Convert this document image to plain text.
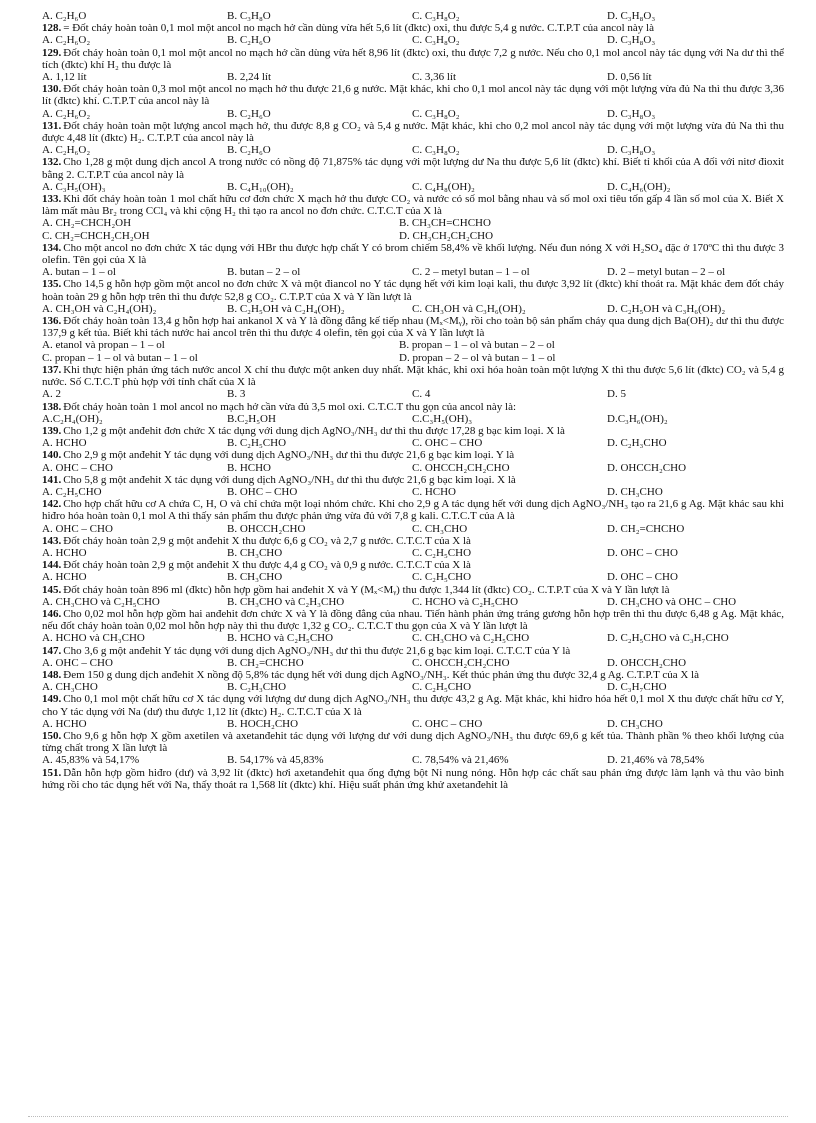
A. C₂H₆O	B. C₃H₈O	C. C₃H₈O₂	D. C₃H₈O₃

128. = Đốt cháy hoàn toàn 0,1 mol một ancol no mạch hở cần dùng vừa hết 5,6 lít (đktc) oxi, thu được 5,4 g nước. C.T.P.T của ancol này là

A. C₂H₆O₂	B. C₂H₆O	C. C₃H₈O₂	D. C₃H₈O₃

129. Đốt cháy hoàn toàn 0,1 mol một ancol no mạch hở cần dùng vừa hết 8,96 lít (đktc) oxi, thu được 7,2 g nước. Nếu cho 0,1 mol ancol này tác dụng với Na dư thì thể tích (đktc) khí H₂ thu được là

A. 1,12 lít	B. 2,24 lít	C. 3,36 lít	D. 0,56 lít

130. Đốt cháy hoàn toàn 0,3 mol một ancol no mạch hở thu được 21,6 g nước. Mặt khác, khi cho 0,1 mol ancol này tác dụng với một lượng vừa đủ Na thì thu được 3,36 lít (đktc) khí. C.T.P.T của ancol này là

A. C₂H₆O₂	B. C₂H₆O	C. C₃H₈O₂	D. C₃H₈O₃

131. Đốt cháy hoàn toàn một lượng ancol mạch hở, thu được 8,8 g CO₂ và 5,4 g nước. Mặt khác, khi cho 0,2 mol ancol này tác dụng với một lượng vừa đủ Na thì thu được 4,48 lít (đktc) H₂. C.T.P.T của ancol này là

A. C₂H₆O₂	B. C₂H₆O	C. C₃H₈O₂	D. C₃H₈O₃

132. Cho 1,28 g một dung dịch ancol A trong nước có nồng độ 71,875% tác dụng với một lượng dư Na thu được 5,6 lít (đktc) khí. Biết tỉ khối của A đối với nitơ đioxit bằng 2. C.T.P.T của ancol này là

A. C₃H₅(OH)₃	B. C₄H₁₀(OH)₂	C. C₄H₈(OH)₂	D. C₄H₆(OH)₂

133. Khi đốt cháy hoàn toàn 1 mol chất hữu cơ đơn chức X mạch hở thu được CO₂ và nước có số mol bằng nhau và số mol oxi tiêu tốn gấp 4 lần số mol của X. Biết X làm mất màu Br₂ trong CCl₄ và khi cộng H₂ thì tạo ra ancol no đơn chức. C.T.C.T của X là

A. CH₂=CHCH₂OH	B. CH₃CH=CHCHO
C. CH₂=CHCH₂CH₂OH	D. CH₃CH₂CH₂CHO

134. Cho một ancol no đơn chức X tác dụng với HBr thu được hợp chất Y có brom chiếm 58,4% về khối lượng. Nếu đun nóng X với H₂SO₄ đặc ở 170ºC thì thu được 3 olefin. Tên gọi của X là

A. butan – 1 – ol	B. butan – 2 – ol	C. 2 – metyl butan – 1 – ol	D. 2 – metyl butan – 2 – ol

135. Cho 14,5 g hỗn hợp gồm một ancol no đơn chức X và một điancol no Y tác dụng hết với kim loại kali, thu được 3,92 lít (đktc) khí thoát ra. Mặt khác đem đốt cháy hoàn toàn 29 g hỗn hợp trên thì thu được 52,8 g CO₂. C.T.P.T của X và Y lần lượt là

A. CH₃OH và C₂H₄(OH)₂	B. C₂H₅OH và C₂H₄(OH)₂	C. CH₃OH và C₃H₆(OH)₂	D. C₂H₅OH và C₃H₆(OH)₂

136. Đốt cháy hoàn toàn 13,4 g hỗn hợp hai ankanol X và Y là đồng đẳng kế tiếp nhau (Mₓ<Mᵧ), rồi cho toàn bộ sản phẩm cháy qua dung dịch Ba(OH)₂ dư thì thu được 137,9 g kết tủa. Biết khi tách nước hai ancol trên thì thu được 4 olefin, tên gọi của X và Y lần lượt là

A. etanol và propan – 1 – ol	B. propan – 1 – ol và butan – 2 – ol
C. propan – 1 – ol và butan – 1 – ol	D. propan – 2 – ol và butan – 1 – ol

137. Khi thực hiện phản ứng tách nước ancol X chỉ thu được một anken duy nhất. Mặt khác, khi oxi hóa hoàn toàn một lượng X thì thu được 5,6 lít (đktc) CO₂ và 5,4 g nước. Số C.T.C.T phù hợp với tính chất của X là

A. 2	B. 3	C. 4	D. 5

138. Đốt cháy hoàn toàn 1 mol ancol no mạch hở cần vừa đủ 3,5 mol oxi. C.T.C.T thu gọn của ancol này là:

A.C₂H₄(OH)₂	B.C₂H₅OH	C.C₃H₅(OH)₃	D.C₃H₆(OH)₂

139. Cho 1,2 g một anđehit đơn chức X tác dụng với dung dịch AgNO₃/NH₃ dư thì thu được 17,28 g bạc kim loại. X là

A. HCHO	B. C₂H₅CHO	C. OHC – CHO	D. C₂H₃CHO

140. Cho 2,9 g một anđehit Y tác dụng với dung dịch AgNO₃/NH₃ dư thì thu được 21,6 g bạc kim loại. Y là

A. OHC – CHO	B. HCHO	C. OHCCH₂CH₂CHO	D. OHCCH₂CHO

141. Cho 5,8 g một anđehit X tác dụng với dung dịch AgNO₃/NH₃ dư thì thu được 21,6 g bạc kim loại. X là

A. C₂H₅CHO	B. OHC – CHO	C. HCHO	D. CH₃CHO

142. Cho hợp chất hữu cơ A chứa C, H, O và chỉ chứa một loại nhóm chức. Khi cho 2,9 g A tác dụng hết với dung dịch AgNO₃/NH₃ tạo ra 21,6 g Ag. Mặt khác sau khi hiđro hóa hoàn toàn 0,1 mol A thì thấy sản phẩm thu được phản ứng vừa đủ với 7,8 g kali. C.T.C.T của A là

A. OHC – CHO	B. OHCCH₂CHO	C. CH₃CHO	D. CH₂=CHCHO

143. Đốt cháy hoàn toàn 2,9 g một anđehit X thu được 6,6 g CO₂ và 2,7 g nước. C.T.C.T của X là

A. HCHO	B. CH₃CHO	C. C₂H₅CHO	D. OHC – CHO

144. Đốt cháy hoàn toàn 2,9 g một anđehit X thu được 4,4 g CO₂ và 0,9 g nước. C.T.C.T của X là

A. HCHO	B. CH₃CHO	C. C₂H₅CHO	D. OHC – CHO

145. Đốt cháy hoàn toàn 896 ml (đktc) hỗn hợp gồm hai anđehit X và Y (Mₓ<Mᵧ) thu được 1,344 lít (đktc) CO₂. C.T.P.T của X và Y lần lượt là

A. CH₃CHO và C₂H₅CHO	B. CH₃CHO và C₂H₃CHO	C. HCHO và C₂H₅CHO	D. CH₃CHO và OHC – CHO

146. Cho 0,02 mol hỗn hợp gồm hai anđehit đơn chức X và Y là đồng đẳng của nhau. Tiến hành phản ứng tráng gương hỗn hợp trên thì thu được 6,48 g Ag. Mặt khác, nếu đốt cháy hoàn toàn 0,02 mol hỗn hợp này thì thu được 1,32 g CO₂. C.T.C.T thu gọn của X và Y lần lượt là

A. HCHO và CH₃CHO	B. HCHO và C₂H₅CHO	C. CH₃CHO và C₂H₅CHO	D. C₂H₅CHO và C₃H₇CHO

147. Cho 3,6 g một anđehit Y tác dụng với dung dịch AgNO₃/NH₃ dư thì thu được 21,6 g bạc kim loại. C.T.C.T của Y là

A. OHC – CHO	B. CH₂=CHCHO	C. OHCCH₂CH₂CHO	D. OHCCH₂CHO

148. Đem 150 g dung dịch anđehit X nồng độ 5,8% tác dụng hết với dung dịch AgNO₃/NH₃. Kết thúc phản ứng thu được 32,4 g Ag. C.T.P.T của X là

A. CH₃CHO	B. C₂H₃CHO	C. C₂H₅CHO	D. C₃H₇CHO

149. Cho 0,1 mol một chất hữu cơ X tác dụng với lượng dư dung dịch AgNO₃/NH₃ thu được 43,2 g Ag. Mặt khác, khi hiđro hóa hết 0,1 mol X thu được chất hữu cơ Y, cho Y tác dụng với Na (dư) thu được 1,12 lít (đktc) H₂. C.T.C.T của X là

A. HCHO	B. HOCH₂CHO	C. OHC – CHO	D. CH₃CHO

150. Cho 9,6 g hỗn hợp X gồm axetilen và axetanđehit tác dụng với lượng dư với dung dịch AgNO₃/NH₃ thu được 69,6 g kết tủa. Thành phần % theo khối lượng của từng chất trong X lần lượt là

A. 45,83% và 54,17%	B. 54,17% và 45,83%	C. 78,54% và 21,46%	D. 21,46% và 78,54%

151. Dẫn hỗn hợp gồm hiđro (dư) và 3,92 lít (đktc) hơi axetanđehit qua ống đựng bột Ni nung nóng. Hỗn hợp các chất sau phản ứng được làm lạnh và thu vào bình hứng rồi cho tác dụng hết với Na, thấy thoát ra 1,568 lít (đktc) khí. Hiệu suất phản ứng khử axetanđehit là
